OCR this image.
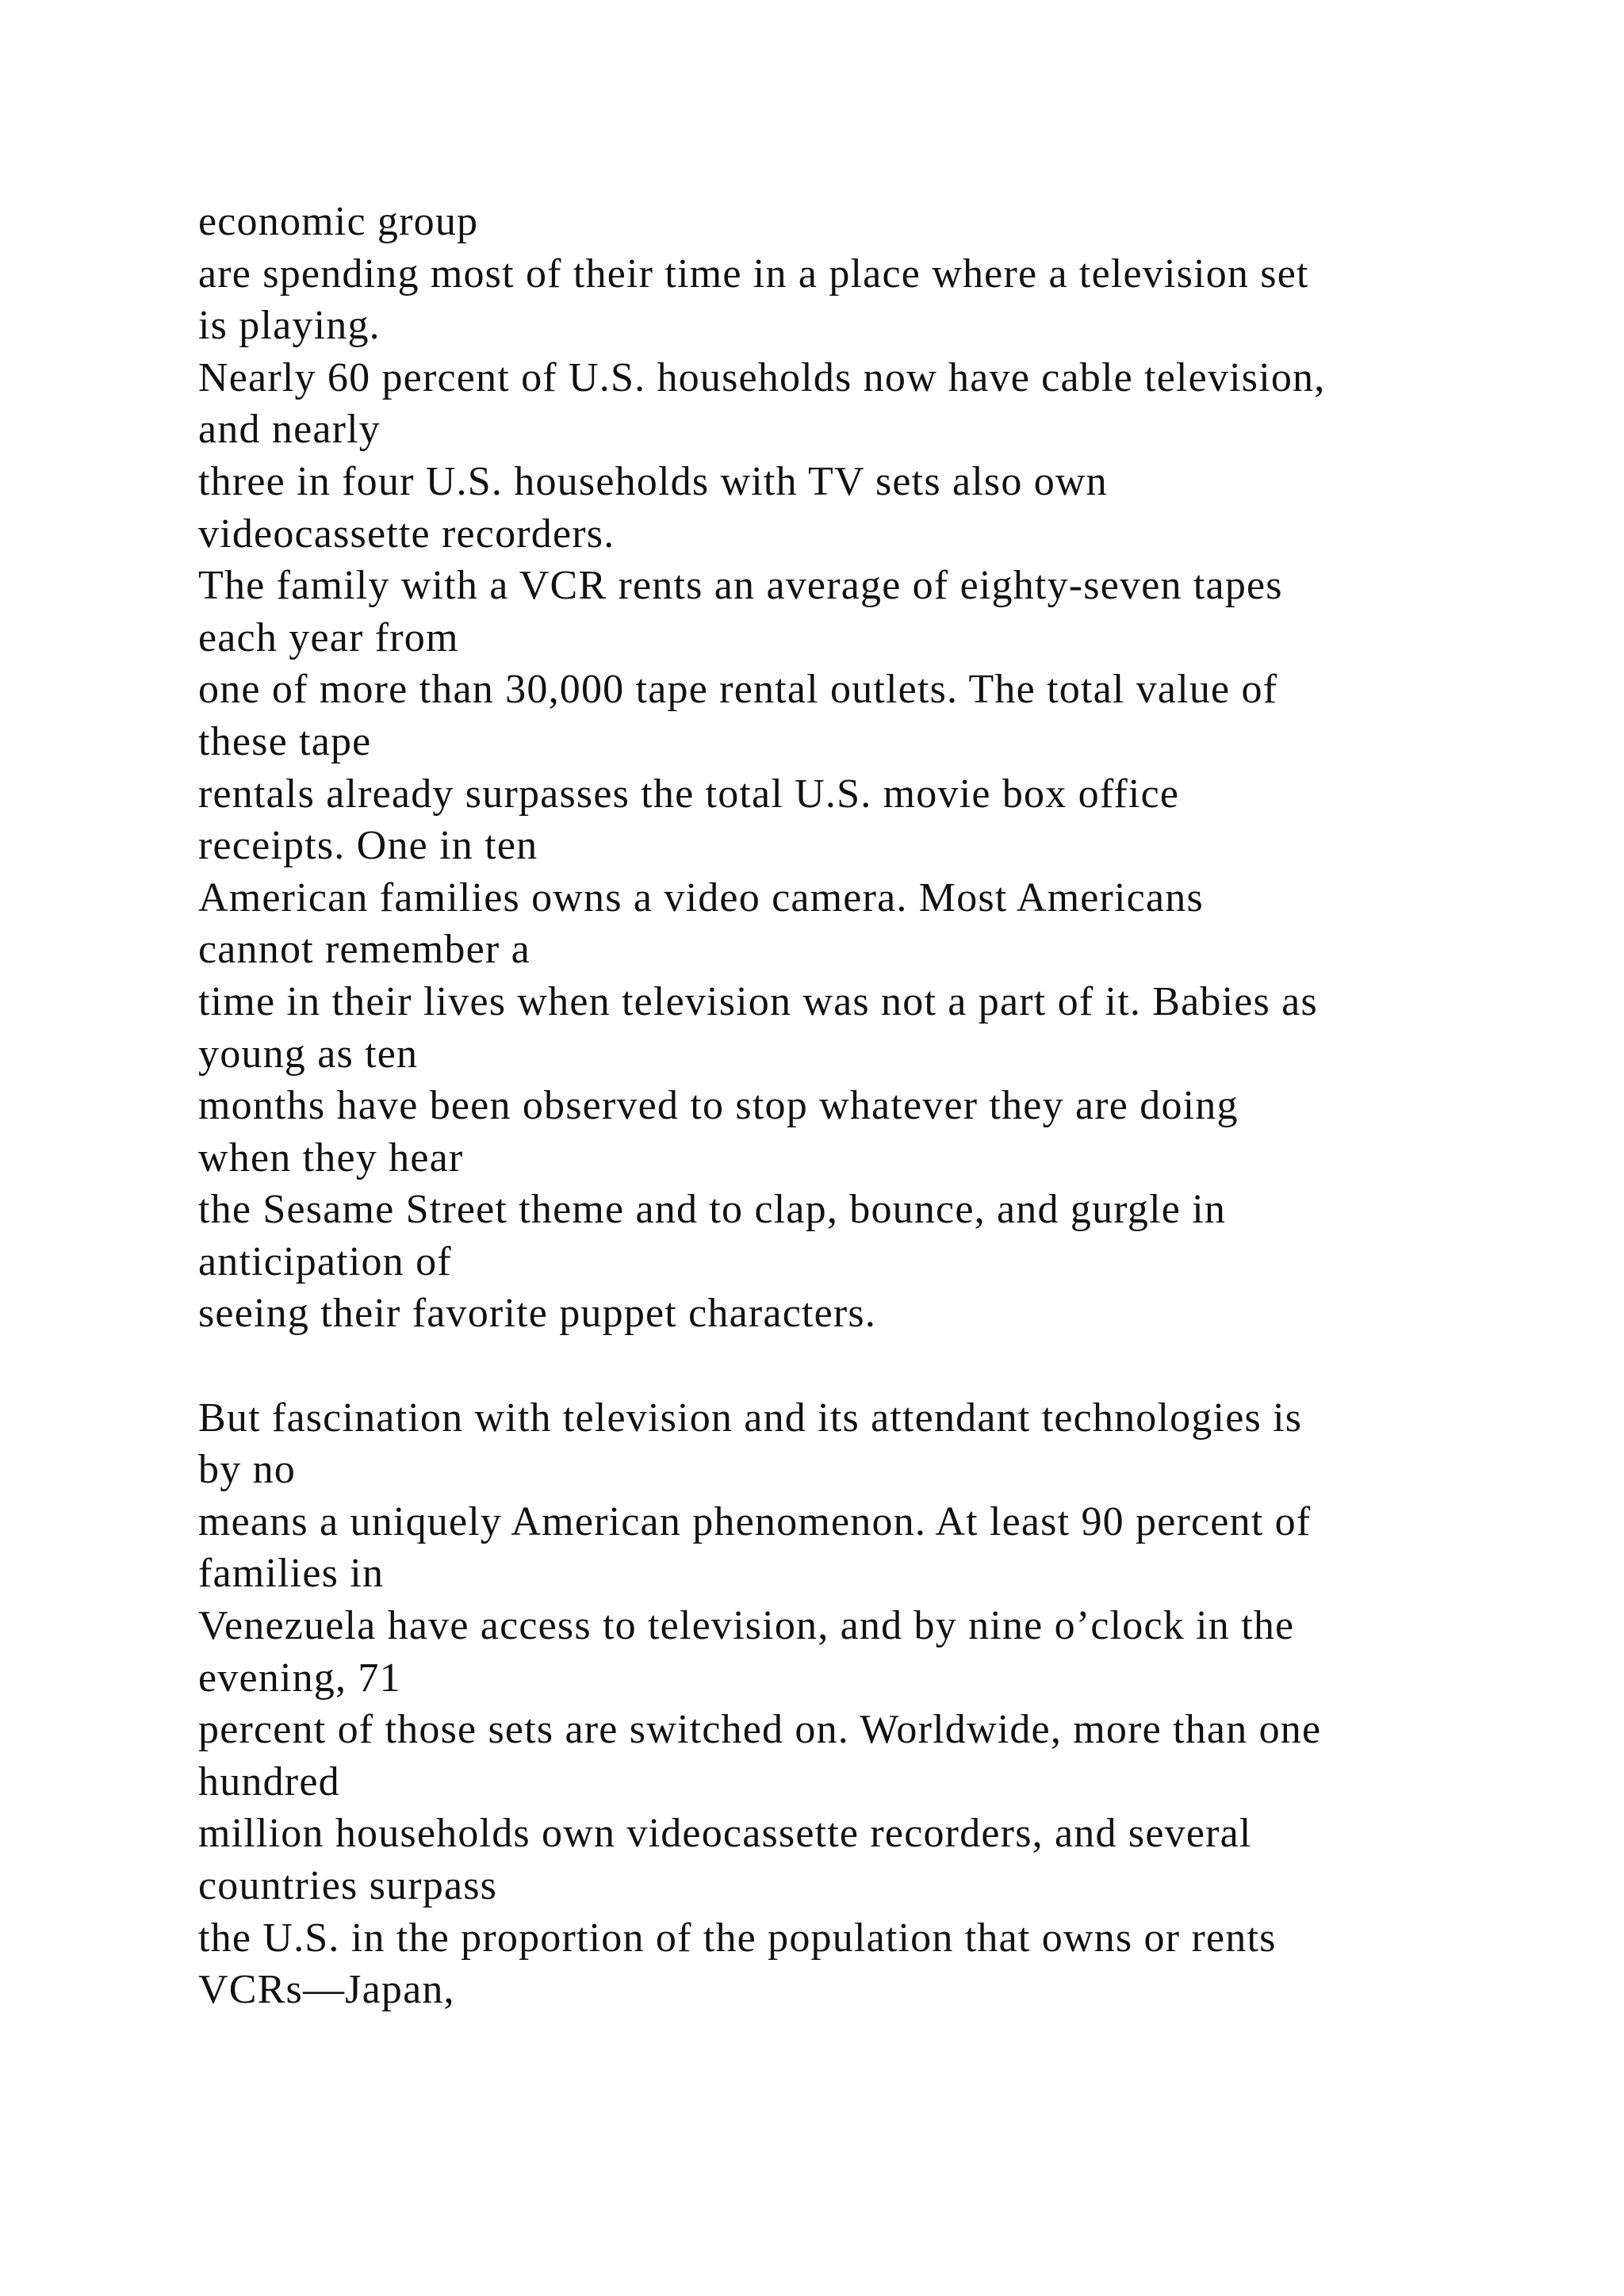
economic group
are spending most of their time in a place where a television set
is playing.
Nearly 60 percent of U.S. households now have cable television,
and nearly
three in four U.S. households with TV sets also own
videocassette recorders.
The family with a VCR rents an average of eighty-seven tapes
each year from
one of more than 30,000 tape rental outlets. The total value of
these tape
rentals already surpasses the total U.S. movie box office
receipts. One in ten
American families owns a video camera. Most Americans
cannot remember a
time in their lives when television was not a part of it. Babies as
young as ten
months have been observed to stop whatever they are doing
when they hear
the Sesame Street theme and to clap, bounce, and gurgle in
anticipation of
seeing their favorite puppet characters.
But fascination with television and its attendant technologies is
by no
means a uniquely American phenomenon. At least 90 percent of
families in
Venezuela have access to television, and by nine o’clock in the
evening, 71
percent of those sets are switched on. Worldwide, more than one
hundred
million households own videocassette recorders, and several
countries surpass
the U.S. in the proportion of the population that owns or rents
VCRs—Japan,
